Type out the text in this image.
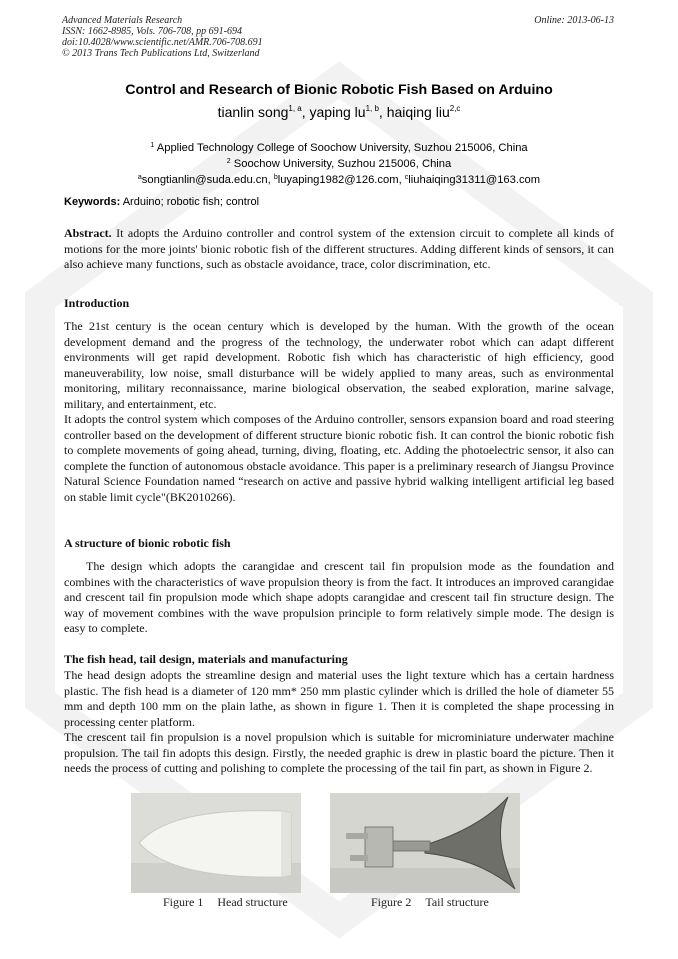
Advanced Materials Research
ISSN: 1662-8985, Vols. 706-708, pp 691-694
doi:10.4028/www.scientific.net/AMR.706-708.691
© 2013 Trans Tech Publications Ltd, Switzerland
Online: 2013-06-13
Control and Research of Bionic Robotic Fish Based on Arduino
tianlin song$^{1, a}$, yaping lu$^{1, b}$, haiqing liu$^{2,c}$
$^1$ Applied Technology College of Soochow University, Suzhou 215006, China
$^2$ Soochow University, Suzhou 215006, China
$^a$songtianlin@suda.edu.cn, $^b$luyaping1982@126.com, $^c$liuhaiqing31311@163.com
Keywords: Arduino; robotic fish; control

Abstract. It adopts the Arduino controller and control system of the extension circuit to complete all kinds of motions for the more joints' bionic robotic fish of the different structures. Adding different kinds of sensors, it can also achieve many functions, such as obstacle avoidance, trace, color discrimination, etc.

Introduction

The 21st century is the ocean century which is developed by the human. With the growth of the ocean development demand and the progress of the technology, the underwater robot which can adapt different environments will get rapid development. Robotic fish which has characteristic of high efficiency, good maneuverability, low noise, small disturbance will be widely applied to many areas, such as environmental monitoring, military reconnaissance, marine biological observation, the seabed exploration, marine salvage, military, and entertainment, etc.

It adopts the control system which composes of the Arduino controller, sensors expansion board and road steering controller based on the development of different structure bionic robotic fish. It can control the bionic robotic fish to complete movements of going ahead, turning, diving, floating, etc. Adding the photoelectric sensor, it also can complete the function of autonomous obstacle avoidance. This paper is a preliminary research of Jiangsu Province Natural Science Foundation named “research on active and passive hybrid walking intelligent artificial leg based on stable limit cycle"(BK2010266).

A structure of bionic robotic fish

The design which adopts the carangidae and crescent tail fin propulsion mode as the foundation and combines with the characteristics of wave propulsion theory is from the fact. It introduces an improved carangidae and crescent tail fin propulsion mode which shape adopts carangidae and crescent tail fin structure design. The way of movement combines with the wave propulsion principle to form relatively simple mode. The design is easy to complete.

The fish head, tail design, materials and manufacturing

The head design adopts the streamline design and material uses the light texture which has a certain hardness plastic. The fish head is a diameter of 120 mm* 250 mm plastic cylinder which is drilled the hole of diameter 55 mm and depth 100 mm on the plain lathe, as shown in figure 1. Then it is completed the shape processing in processing center platform.

The crescent tail fin propulsion is a novel propulsion which is suitable for microminiature underwater machine propulsion. The tail fin adopts this design. Firstly, the needed graphic is drew in plastic board the picture. Then it needs the process of cutting and polishing to complete the processing of the tail fin part, as shown in Figure 2.

Figure 1 Head structure	Figure 2 Tail structure
